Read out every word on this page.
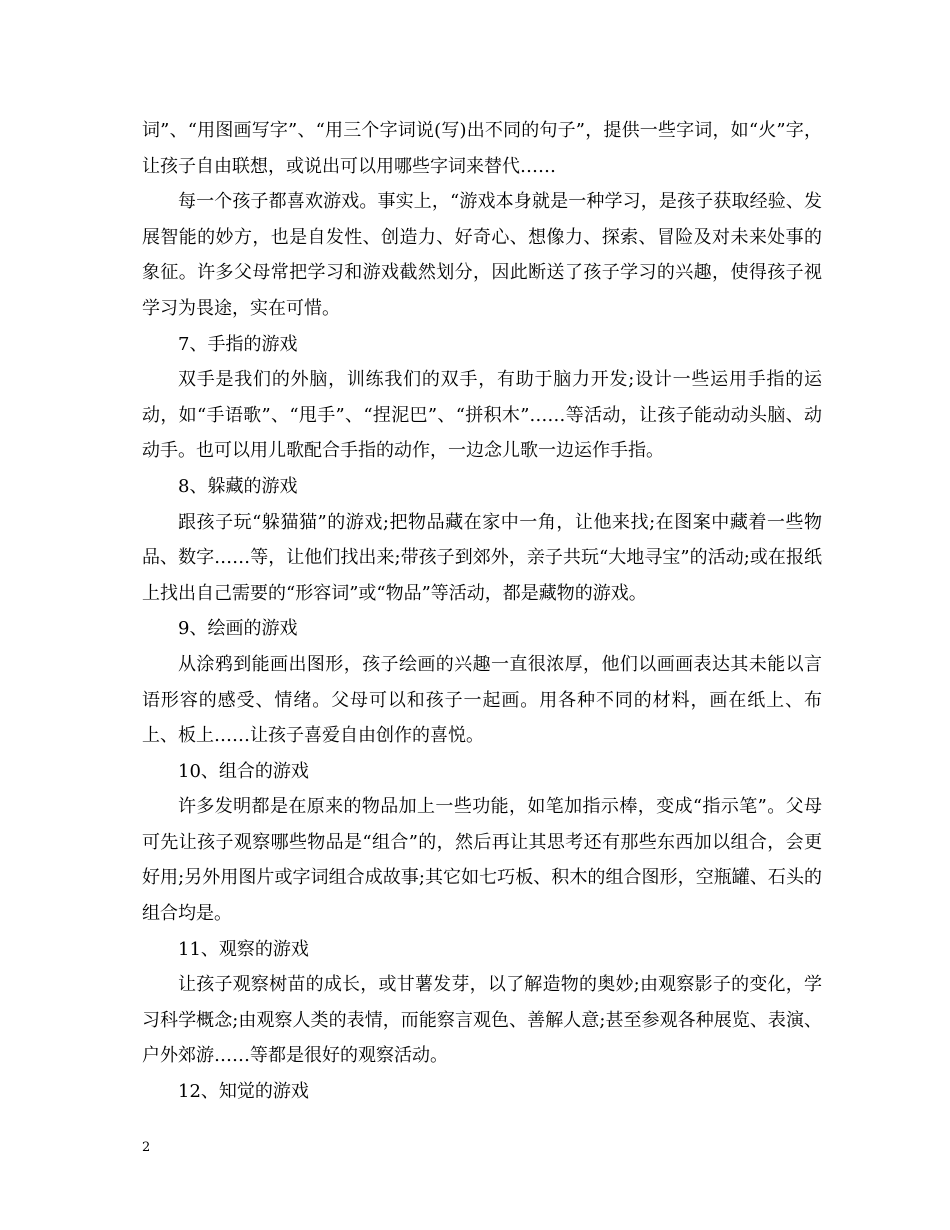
词”、“用图画写字”、“用三个字词说(写)出不同的句子”，提供一些字词，如“火”字，让孩子自由联想，或说出可以用哪些字词来替代……

每一个孩子都喜欢游戏。事实上，“游戏本身就是一种学习，是孩子获取经验、发展智能的妙方，也是自发性、创造力、好奇心、想像力、探索、冒险及对未来处事的象征。许多父母常把学习和游戏截然划分，因此断送了孩子学习的兴趣，使得孩子视学习为畏途，实在可惜。

7、手指的游戏

双手是我们的外脑，训练我们的双手，有助于脑力开发;设计一些运用手指的运动，如“手语歌”、“甩手”、“捏泥巴”、“拼积木”……等活动，让孩子能动动头脑、动动手。也可以用儿歌配合手指的动作，一边念儿歌一边运作手指。

8、躲藏的游戏

跟孩子玩“躲猫猫”的游戏;把物品藏在家中一角，让他来找;在图案中藏着一些物品、数字……等，让他们找出来;带孩子到郊外，亲子共玩“大地寻宝”的活动;或在报纸上找出自己需要的“形容词”或“物品”等活动，都是藏物的游戏。

9、绘画的游戏

从涂鸦到能画出图形，孩子绘画的兴趣一直很浓厚，他们以画画表达其未能以言语形容的感受、情绪。父母可以和孩子一起画。用各种不同的材料，画在纸上、布上、板上……让孩子喜爱自由创作的喜悦。

10、组合的游戏

许多发明都是在原来的物品加上一些功能，如笔加指示棒，变成“指示笔”。父母可先让孩子观察哪些物品是“组合”的，然后再让其思考还有那些东西加以组合，会更好用;另外用图片或字词组合成故事;其它如七巧板、积木的组合图形，空瓶罐、石头的组合均是。

11、观察的游戏

让孩子观察树苗的成长，或甘薯发芽，以了解造物的奥妙;由观察影子的变化，学习科学概念;由观察人类的表情，而能察言观色、善解人意;甚至参观各种展览、表演、户外郊游……等都是很好的观察活动。

12、知觉的游戏
2
